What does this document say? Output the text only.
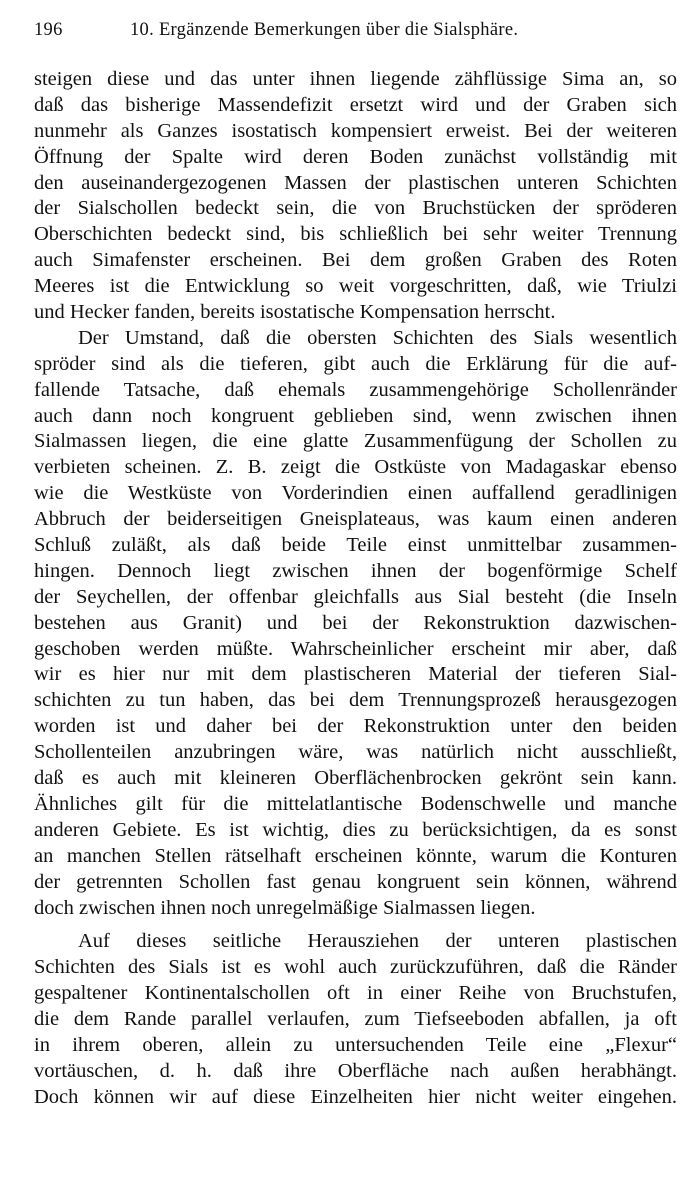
196	10. Ergänzende Bemerkungen über die Sialsphäre.
steigen diese und das unter ihnen liegende zähflüssige Sima an, so
daß das bisherige Massendefizit ersetzt wird und der Graben sich
nunmehr als Ganzes isostatisch kompensiert erweist. Bei der weiteren
Öffnung der Spalte wird deren Boden zunächst vollständig mit
den auseinandergezogenen Massen der plastischen unteren Schichten
der Sialschollen bedeckt sein, die von Bruchstücken der spröderen
Oberschichten bedeckt sind, bis schließlich bei sehr weiter Trennung
auch Simafenster erscheinen. Bei dem großen Graben des Roten
Meeres ist die Entwicklung so weit vorgeschritten, daß, wie Triulzi
und Hecker fanden, bereits isostatische Kompensation herrscht.
Der Umstand, daß die obersten Schichten des Sials wesentlich
spröder sind als die tieferen, gibt auch die Erklärung für die auf-
fallende Tatsache, daß ehemals zusammengehörige Schollenränder
auch dann noch kongruent geblieben sind, wenn zwischen ihnen
Sialmassen liegen, die eine glatte Zusammenfügung der Schollen zu
verbieten scheinen. Z. B. zeigt die Ostküste von Madagaskar ebenso
wie die Westküste von Vorderindien einen auffallend geradlinigen
Abbruch der beiderseitigen Gneisplateaus, was kaum einen anderen
Schluß zuläßt, als daß beide Teile einst unmittelbar zusammen-
hingen. Dennoch liegt zwischen ihnen der bogenförmige Schelf
der Seychellen, der offenbar gleichfalls aus Sial besteht (die Inseln
bestehen aus Granit) und bei der Rekonstruktion dazwischen-
geschoben werden müßte. Wahrscheinlicher erscheint mir aber, daß
wir es hier nur mit dem plastischeren Material der tieferen Sial-
schichten zu tun haben, das bei dem Trennungsprozeß herausgezogen
worden ist und daher bei der Rekonstruktion unter den beiden
Schollenteilen anzubringen wäre, was natürlich nicht ausschließt,
daß es auch mit kleineren Oberflächenbrocken gekrönt sein kann.
Ähnliches gilt für die mittelatlantische Bodenschwelle und manche
anderen Gebiete. Es ist wichtig, dies zu berücksichtigen, da es sonst
an manchen Stellen rätselhaft erscheinen könnte, warum die Konturen
der getrennten Schollen fast genau kongruent sein können, während
doch zwischen ihnen noch unregelmäßige Sialmassen liegen.
Auf dieses seitliche Herausziehen der unteren plastischen
Schichten des Sials ist es wohl auch zurückzuführen, daß die Ränder
gespaltener Kontinentalschollen oft in einer Reihe von Bruchstufen,
die dem Rande parallel verlaufen, zum Tiefseeboden abfallen, ja oft
in ihrem oberen, allein zu untersuchenden Teile eine „Flexur“
vortäuschen, d. h. daß ihre Oberfläche nach außen herabhängt.
Doch können wir auf diese Einzelheiten hier nicht weiter eingehen.
